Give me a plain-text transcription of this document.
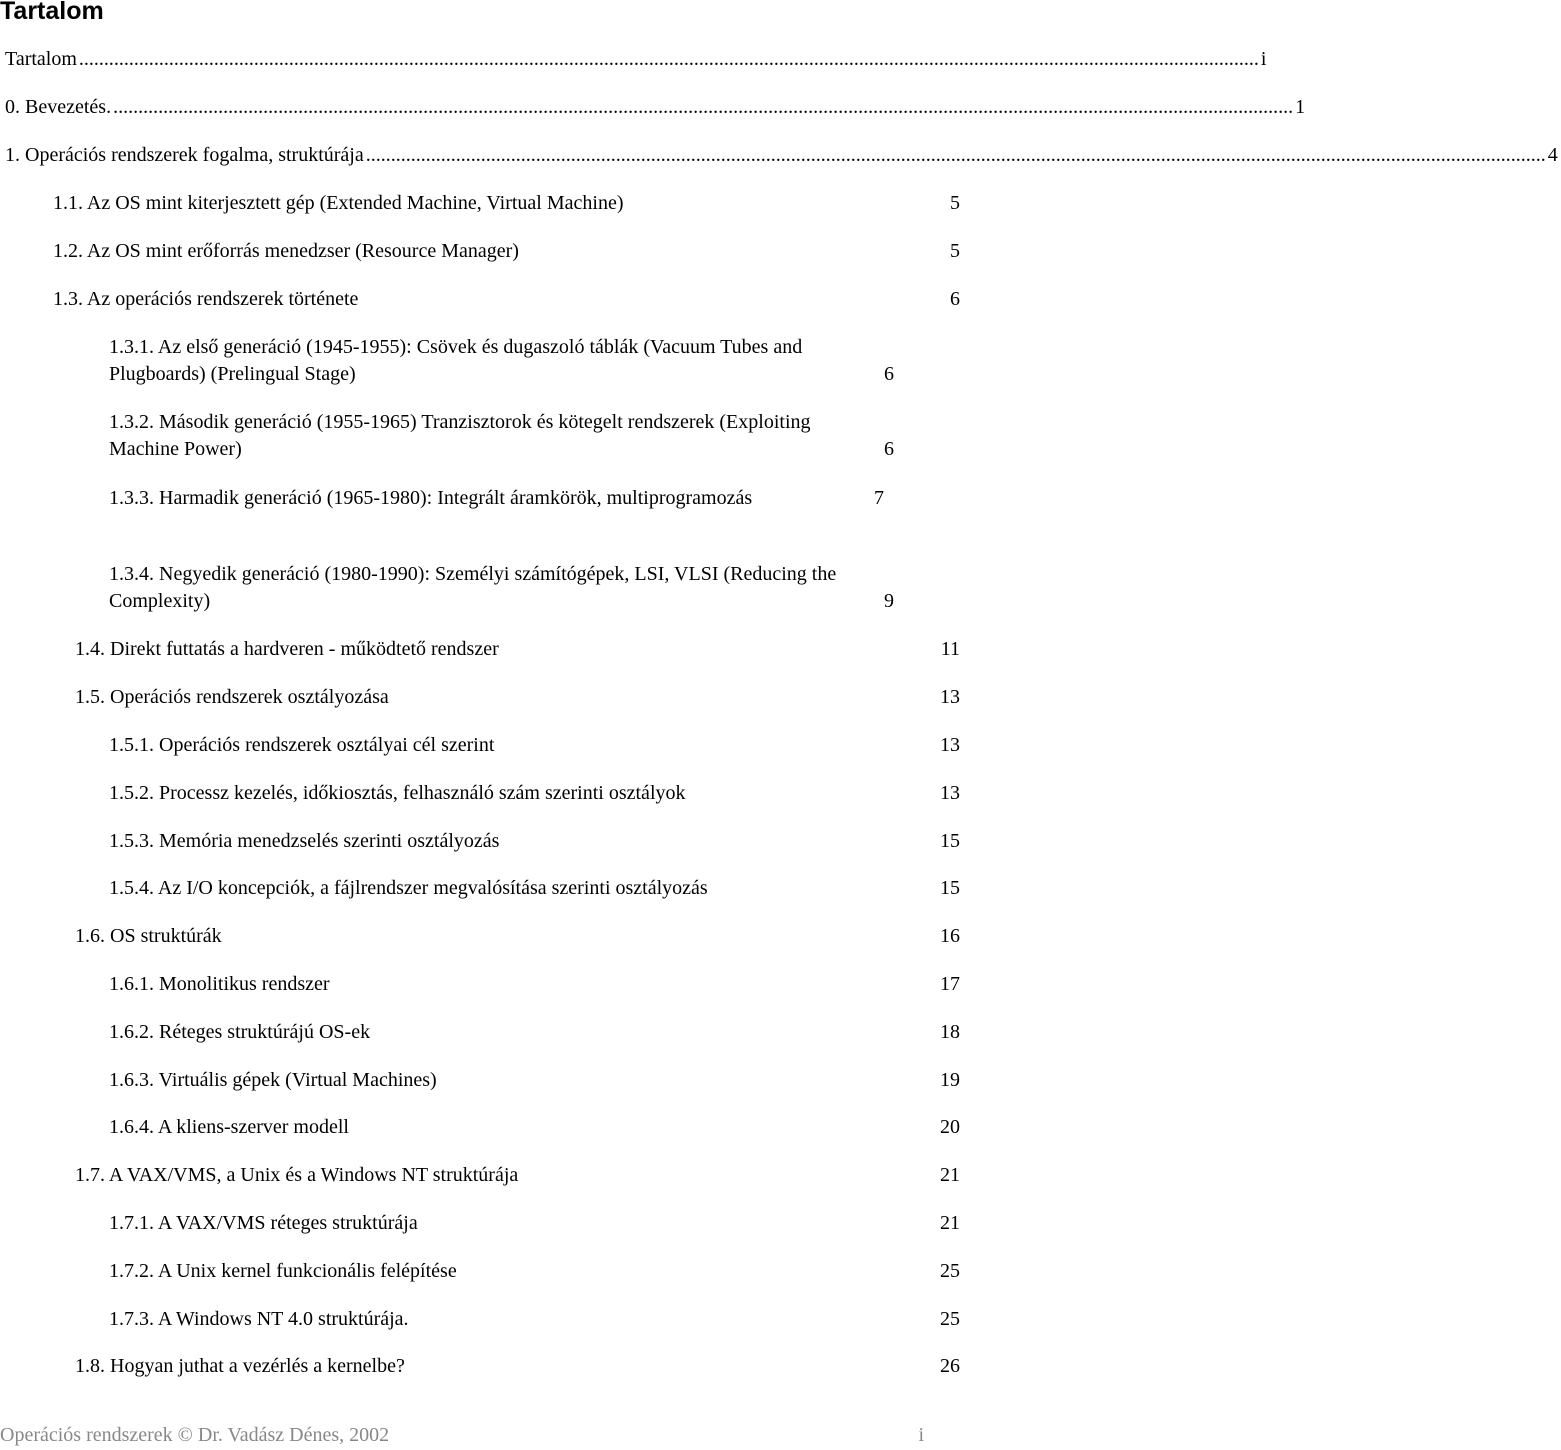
Tartalom
Tartalom ............................................................................................................................................................................................................................................ i
0. Bevezetés. ............................................................................................................................................................................................................................................ 1
1. Operációs rendszerek fogalma, struktúrája ............................................................................................................................................................................................................................................ 4
1.1. Az OS mint kiterjesztett gép (Extended Machine, Virtual Machine)	5
1.2. Az OS mint erőforrás menedzser (Resource Manager)	5
1.3. Az operációs rendszerek története	6
1.3.1. Az első generáció (1945-1955): Csövek és dugaszoló táblák (Vacuum Tubes and Plugboards) (Prelingual Stage)	6
1.3.2. Második generáció (1955-1965) Tranzisztorok és kötegelt rendszerek (Exploiting Machine Power)	6
1.3.3. Harmadik generáció (1965-1980): Integrált áramkörök, multiprogramozás	7
1.3.4. Negyedik generáció (1980-1990): Személyi számítógépek, LSI, VLSI (Reducing the Complexity)	9
1.4. Direkt futtatás a hardveren - működtető rendszer	11
1.5. Operációs rendszerek osztályozása	13
1.5.1. Operációs rendszerek osztályai cél szerint	13
1.5.2. Processz kezelés, időkiosztás, felhasználó szám szerinti osztályok	13
1.5.3. Memória menedzselés szerinti osztályozás	15
1.5.4. Az I/O koncepciók, a fájlrendszer megvalósítása szerinti osztályozás	15
1.6. OS struktúrák	16
1.6.1. Monolitikus rendszer	17
1.6.2. Réteges struktúrájú OS-ek	18
1.6.3. Virtuális gépek (Virtual Machines)	19
1.6.4. A kliens-szerver modell	20
1.7. A VAX/VMS, a Unix és a Windows NT struktúrája	21
1.7.1. A VAX/VMS réteges struktúrája	21
1.7.2. A Unix kernel funkcionális felépítése	25
1.7.3. A Windows NT 4.0 struktúrája.	25
1.8. Hogyan juthat a vezérlés a kernelbe?	26
Operációs rendszerek © Dr. Vadász Dénes, 2002	i
